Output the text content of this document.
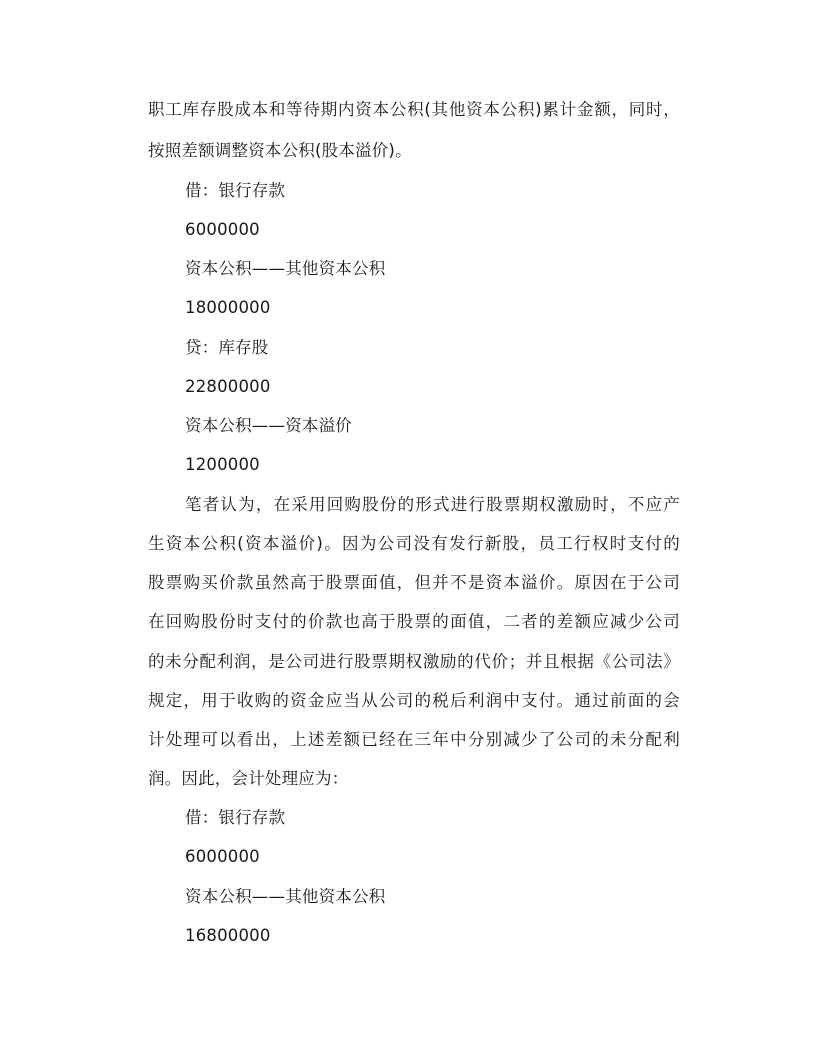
职工库存股成本和等待期内资本公积(其他资本公积)累计金额，同时，
按照差额调整资本公积(股本溢价)。
借：银行存款
6000000
资本公积——其他资本公积
18000000
贷：库存股
22800000
资本公积——资本溢价
1200000
笔者认为，在采用回购股份的形式进行股票期权激励时，不应产
生资本公积(资本溢价)。因为公司没有发行新股，员工行权时支付的
股票购买价款虽然高于股票面值，但并不是资本溢价。原因在于公司
在回购股份时支付的价款也高于股票的面值，二者的差额应减少公司
的未分配利润，是公司进行股票期权激励的代价；并且根据《公司法》
规定，用于收购的资金应当从公司的税后利润中支付。通过前面的会
计处理可以看出，上述差额已经在三年中分别减少了公司的未分配利
润。因此，会计处理应为：
借：银行存款
6000000
资本公积——其他资本公积
16800000
